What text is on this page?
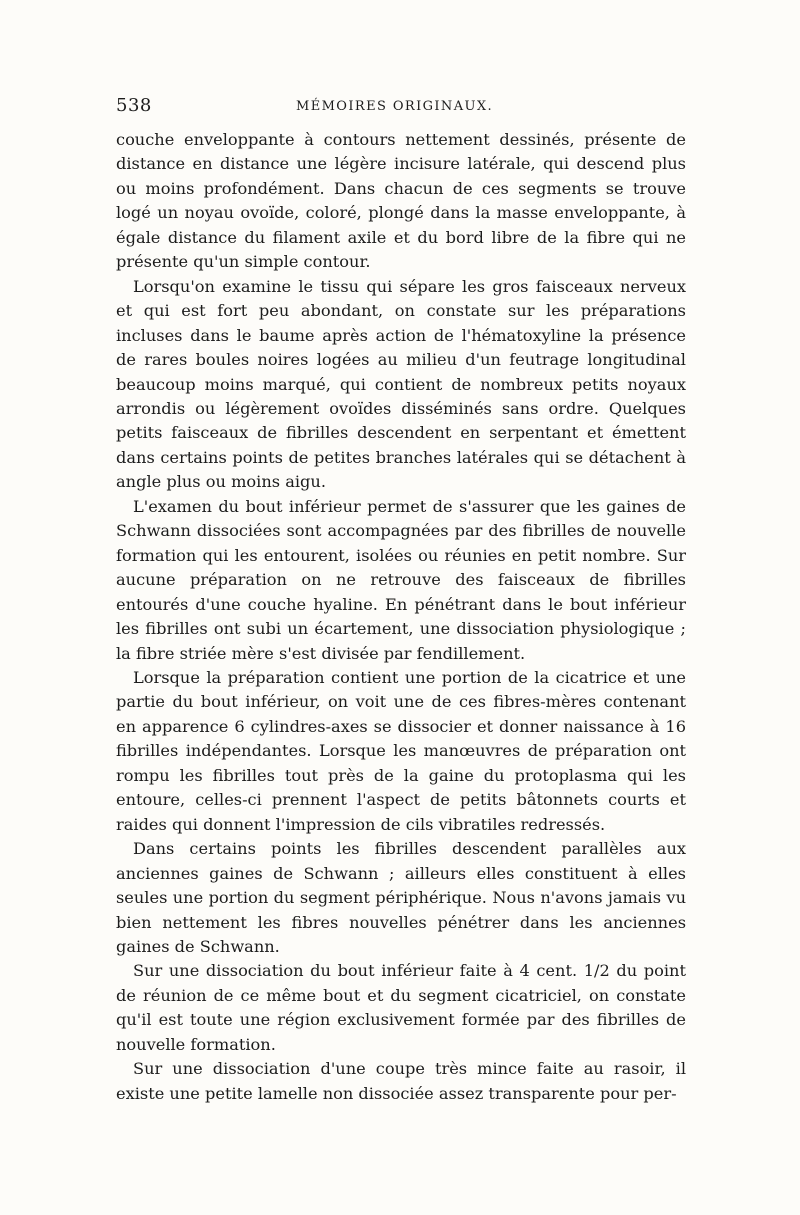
538	MÉMOIRES ORIGINAUX.

couche enveloppante à contours nettement dessinés, présente de distance en distance une légère incisure latérale, qui descend plus ou moins profondément. Dans chacun de ces segments se trouve logé un noyau ovoïde, coloré, plongé dans la masse enveloppante, à égale distance du filament axile et du bord libre de la fibre qui ne présente qu'un simple contour.

Lorsqu'on examine le tissu qui sépare les gros faisceaux nerveux et qui est fort peu abondant, on constate sur les préparations incluses dans le baume après action de l'hématoxyline la présence de rares boules noires logées au milieu d'un feutrage longitudinal beaucoup moins marqué, qui contient de nombreux petits noyaux arrondis ou légèrement ovoïdes disséminés sans ordre. Quelques petits faisceaux de fibrilles descendent en serpentant et émettent dans certains points de petites branches latérales qui se détachent à angle plus ou moins aigu.

L'examen du bout inférieur permet de s'assurer que les gaines de Schwann dissociées sont accompagnées par des fibrilles de nouvelle formation qui les entourent, isolées ou réunies en petit nombre. Sur aucune préparation on ne retrouve des faisceaux de fibrilles entourés d'une couche hyaline. En pénétrant dans le bout inférieur les fibrilles ont subi un écartement, une dissociation physiologique ; la fibre striée mère s'est divisée par fendillement.

Lorsque la préparation contient une portion de la cicatrice et une partie du bout inférieur, on voit une de ces fibres-mères contenant en apparence 6 cylindres-axes se dissocier et donner naissance à 16 fibrilles indépendantes. Lorsque les manœuvres de préparation ont rompu les fibrilles tout près de la gaine du protoplasma qui les entoure, celles-ci prennent l'aspect de petits bâtonnets courts et raides qui donnent l'impression de cils vibratiles redressés.

Dans certains points les fibrilles descendent parallèles aux anciennes gaines de Schwann ; ailleurs elles constituent à elles seules une portion du segment périphérique. Nous n'avons jamais vu bien nettement les fibres nouvelles pénétrer dans les anciennes gaines de Schwann.

Sur une dissociation du bout inférieur faite à 4 cent. 1/2 du point de réunion de ce même bout et du segment cicatriciel, on constate qu'il est toute une région exclusivement formée par des fibrilles de nouvelle formation.

Sur une dissociation d'une coupe très mince faite au rasoir, il existe une petite lamelle non dissociée assez transparente pour per-
